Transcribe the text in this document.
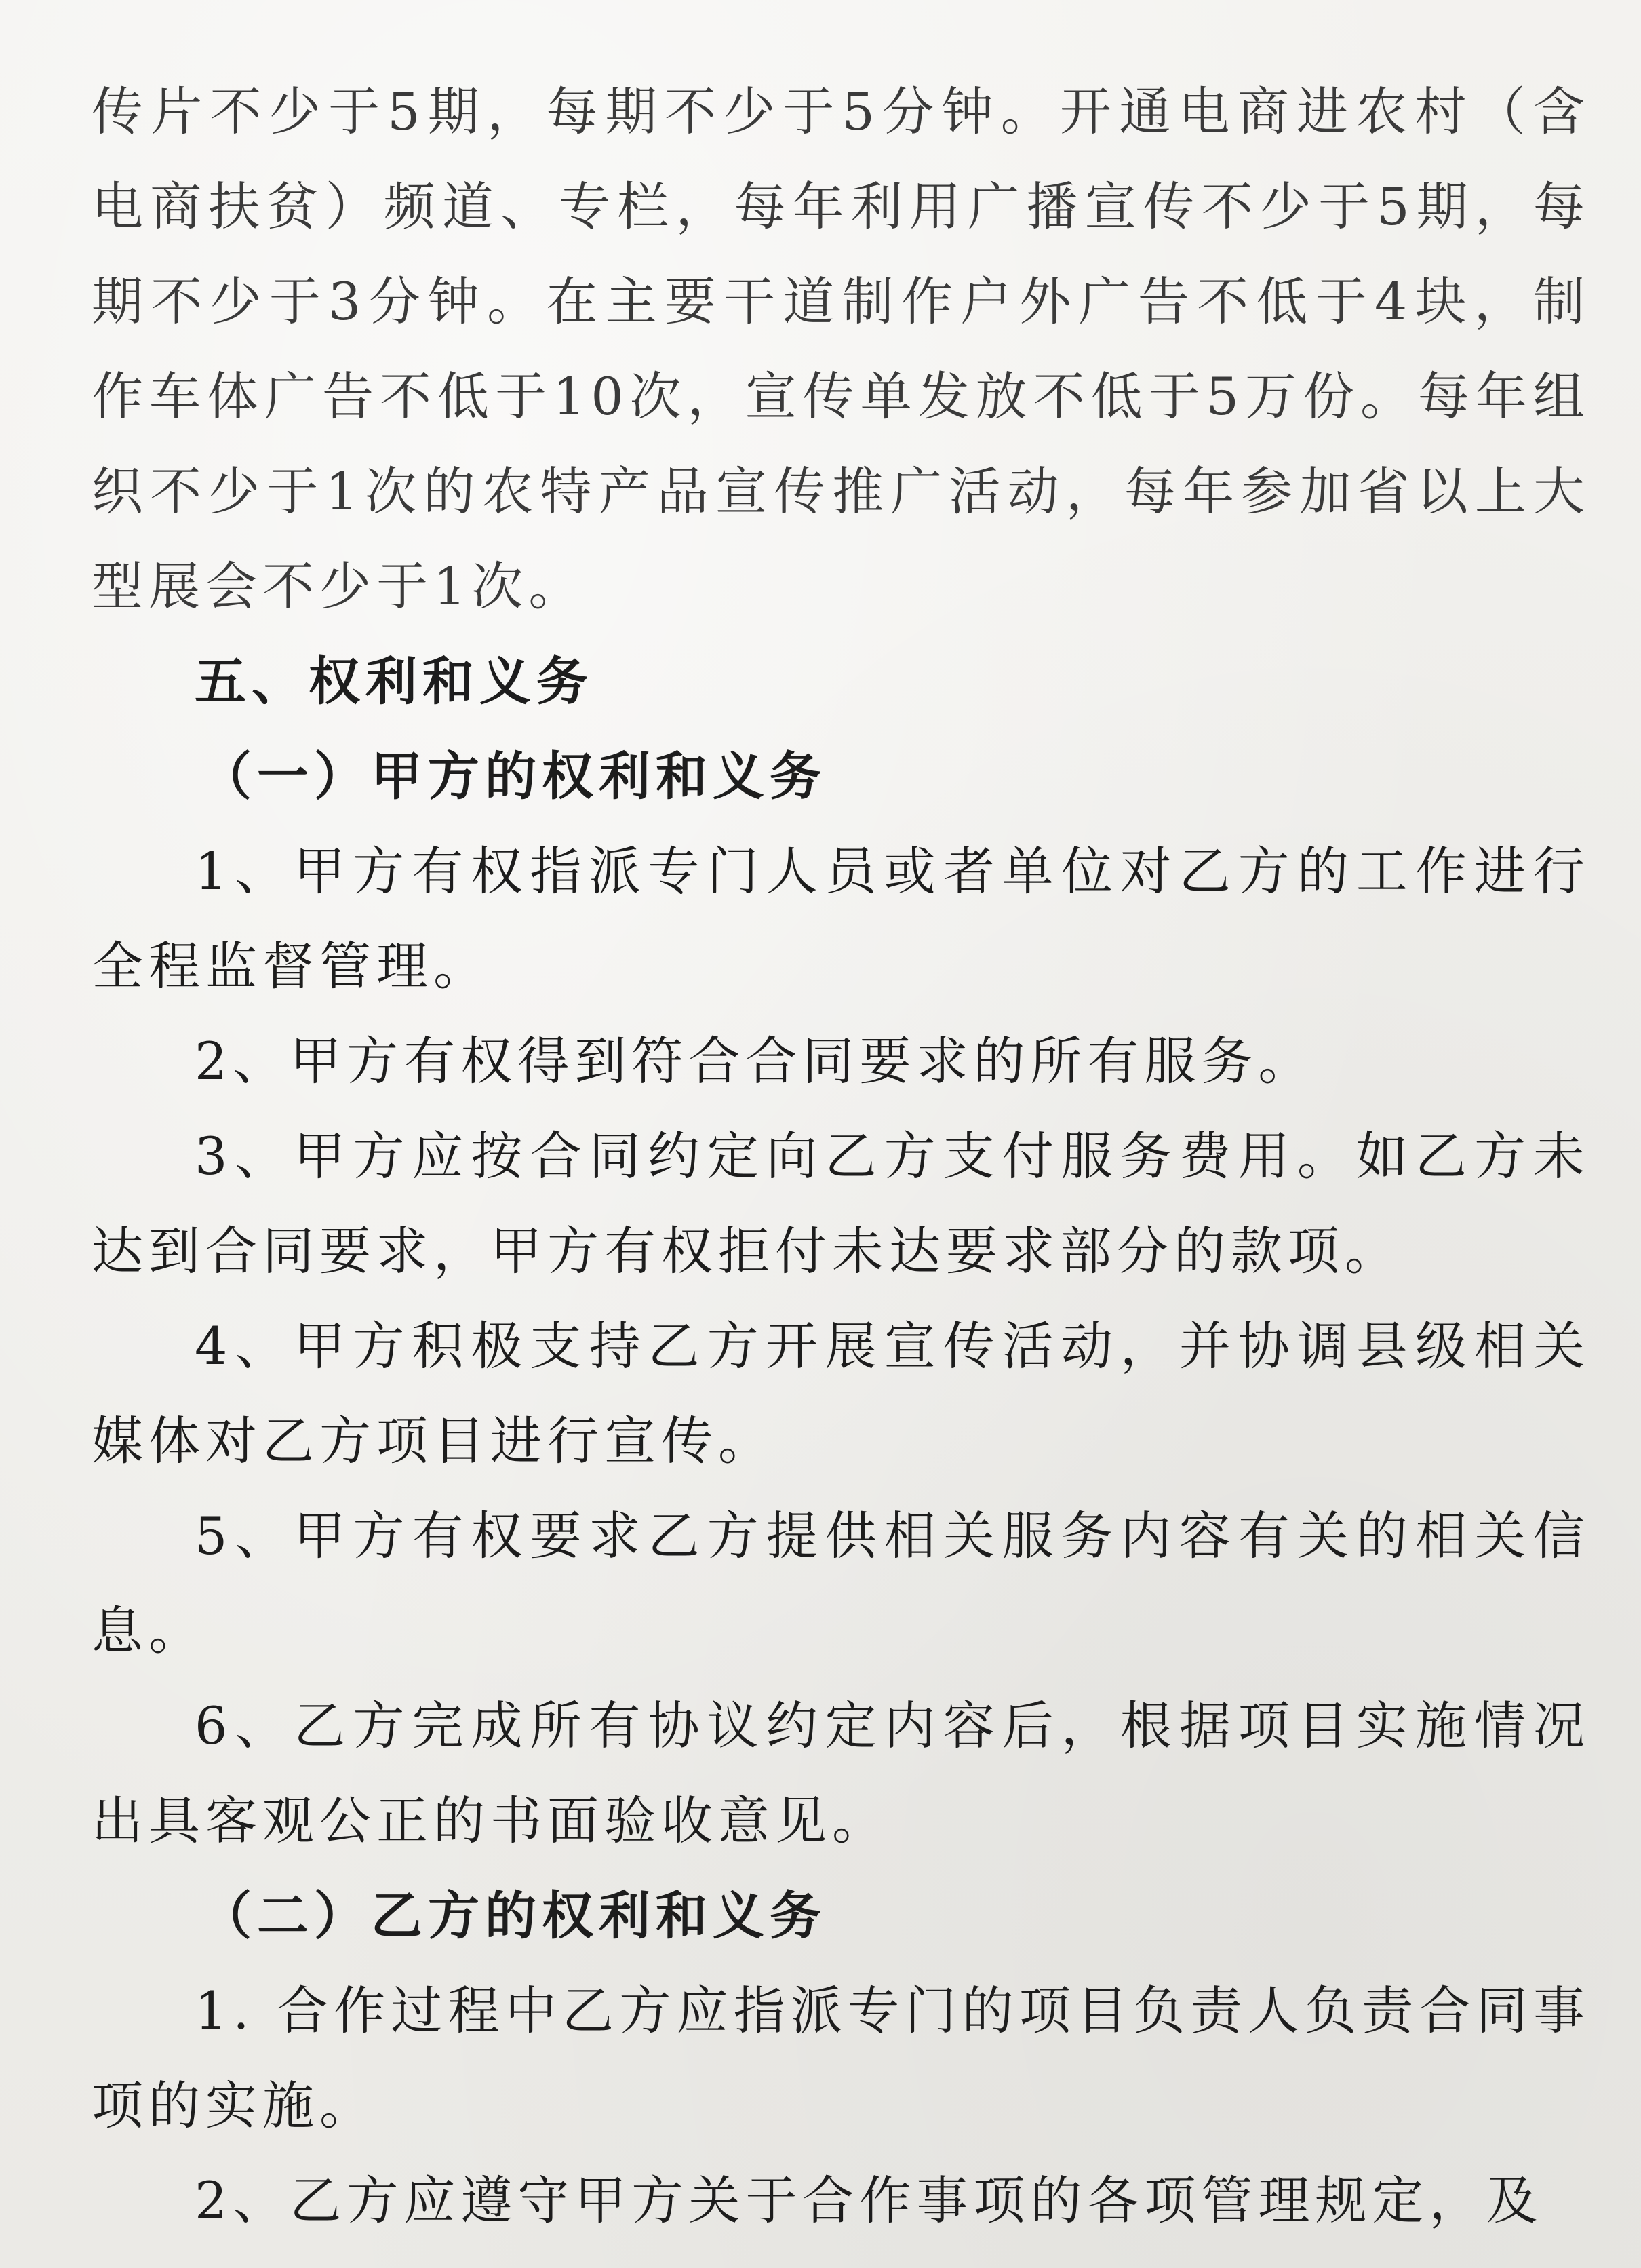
传片不少于5期，每期不少于5分钟。开通电商进农村（含电商扶贫）频道、专栏，每年利用广播宣传不少于5期，每期不少于3分钟。在主要干道制作户外广告不低于4块，制作车体广告不低于10次，宣传单发放不低于5万份。每年组织不少于1次的农特产品宣传推广活动，每年参加省以上大型展会不少于1次。

五、权利和义务

（一）甲方的权利和义务

1、甲方有权指派专门人员或者单位对乙方的工作进行全程监督管理。

2、甲方有权得到符合合同要求的所有服务。

3、甲方应按合同约定向乙方支付服务费用。如乙方未达到合同要求，甲方有权拒付未达要求部分的款项。

4、甲方积极支持乙方开展宣传活动，并协调县级相关媒体对乙方项目进行宣传。

5、甲方有权要求乙方提供相关服务内容有关的相关信息。

6、乙方完成所有协议约定内容后，根据项目实施情况出具客观公正的书面验收意见。

（二）乙方的权利和义务

1. 合作过程中乙方应指派专门的项目负责人负责合同事项的实施。

2、乙方应遵守甲方关于合作事项的各项管理规定，及
